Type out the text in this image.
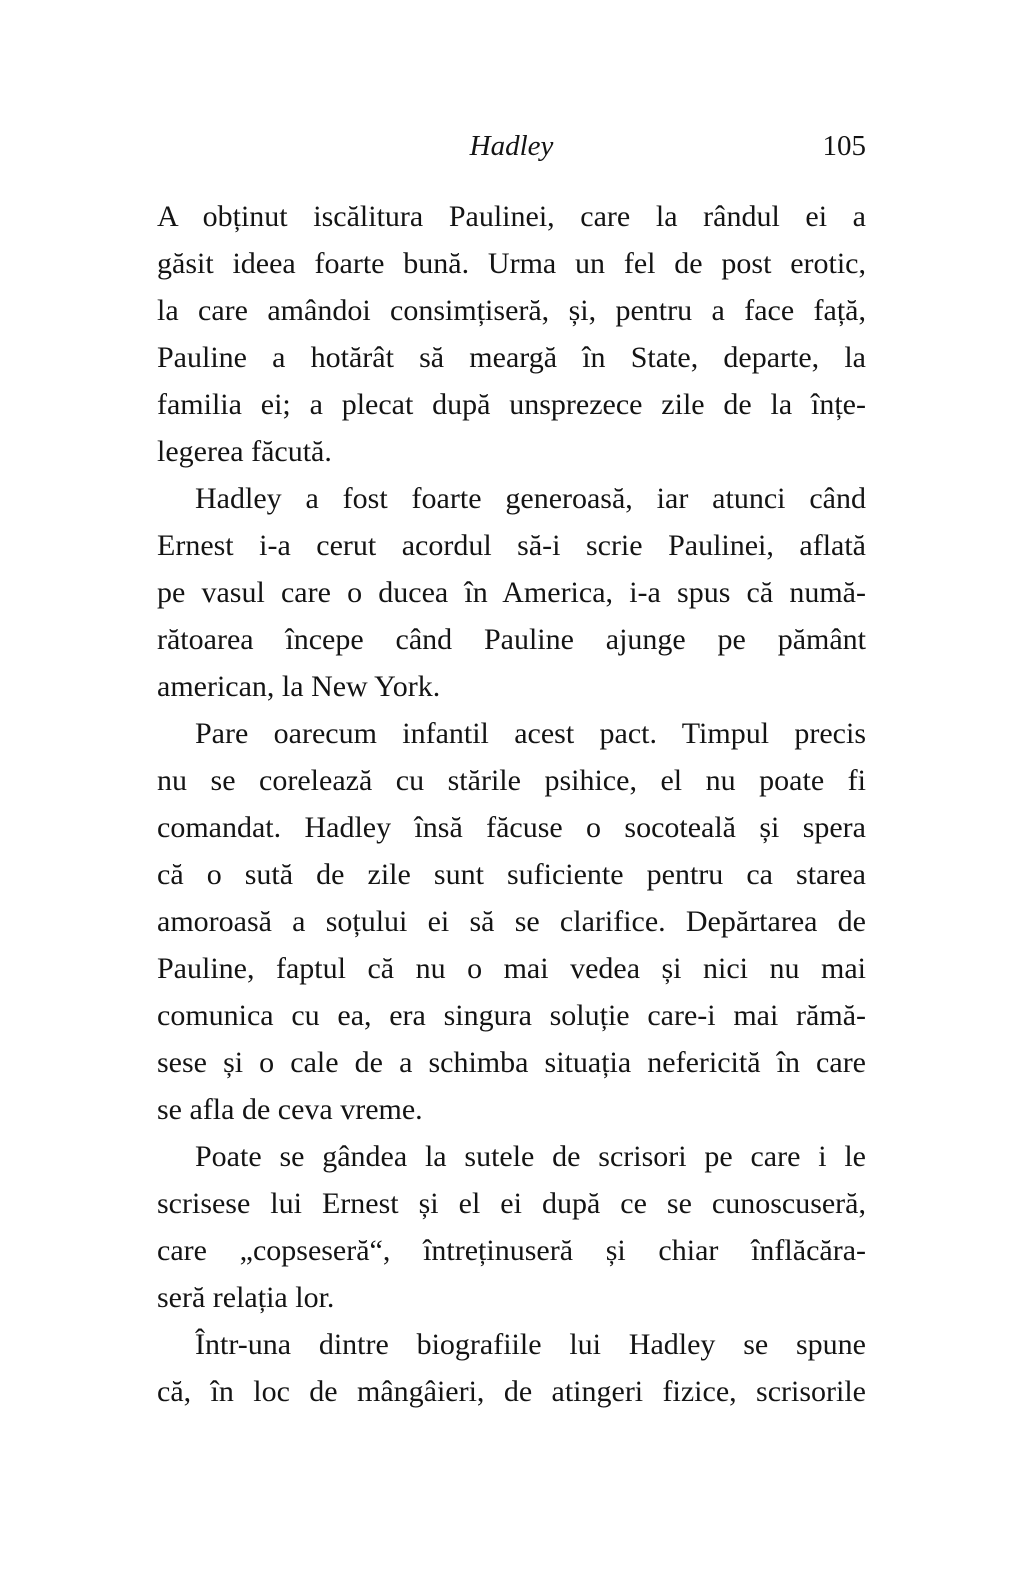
Hadley	105
A obținut iscălitura Paulinei, care la rândul ei a
găsit ideea foarte bună. Urma un fel de post erotic,
la care amândoi consimțiseră, și, pentru a face față,
Pauline a hotărât să meargă în State, departe, la
familia ei; a plecat după unsprezece zile de la înțe-
legerea făcută.
Hadley a fost foarte generoasă, iar atunci când
Ernest i-a cerut acordul să-i scrie Paulinei, aflată
pe vasul care o ducea în America, i-a spus că numă-
rătoarea începe când Pauline ajunge pe pământ
american, la New York.
Pare oarecum infantil acest pact. Timpul precis
nu se corelează cu stările psihice, el nu poate fi
comandat. Hadley însă făcuse o socoteală și spera
că o sută de zile sunt suficiente pentru ca starea
amoroasă a soțului ei să se clarifice. Depărtarea de
Pauline, faptul că nu o mai vedea și nici nu mai
comunica cu ea, era singura soluție care-i mai rămă-
sese și o cale de a schimba situația nefericită în care
se afla de ceva vreme.
Poate se gândea la sutele de scrisori pe care i le
scrisese lui Ernest și el ei după ce se cunoscuseră,
care „copseseră“, întreținuseră și chiar înflăcăra-
seră relația lor.
Într-una dintre biografiile lui Hadley se spune
că, în loc de mângâieri, de atingeri fizice, scrisorile
